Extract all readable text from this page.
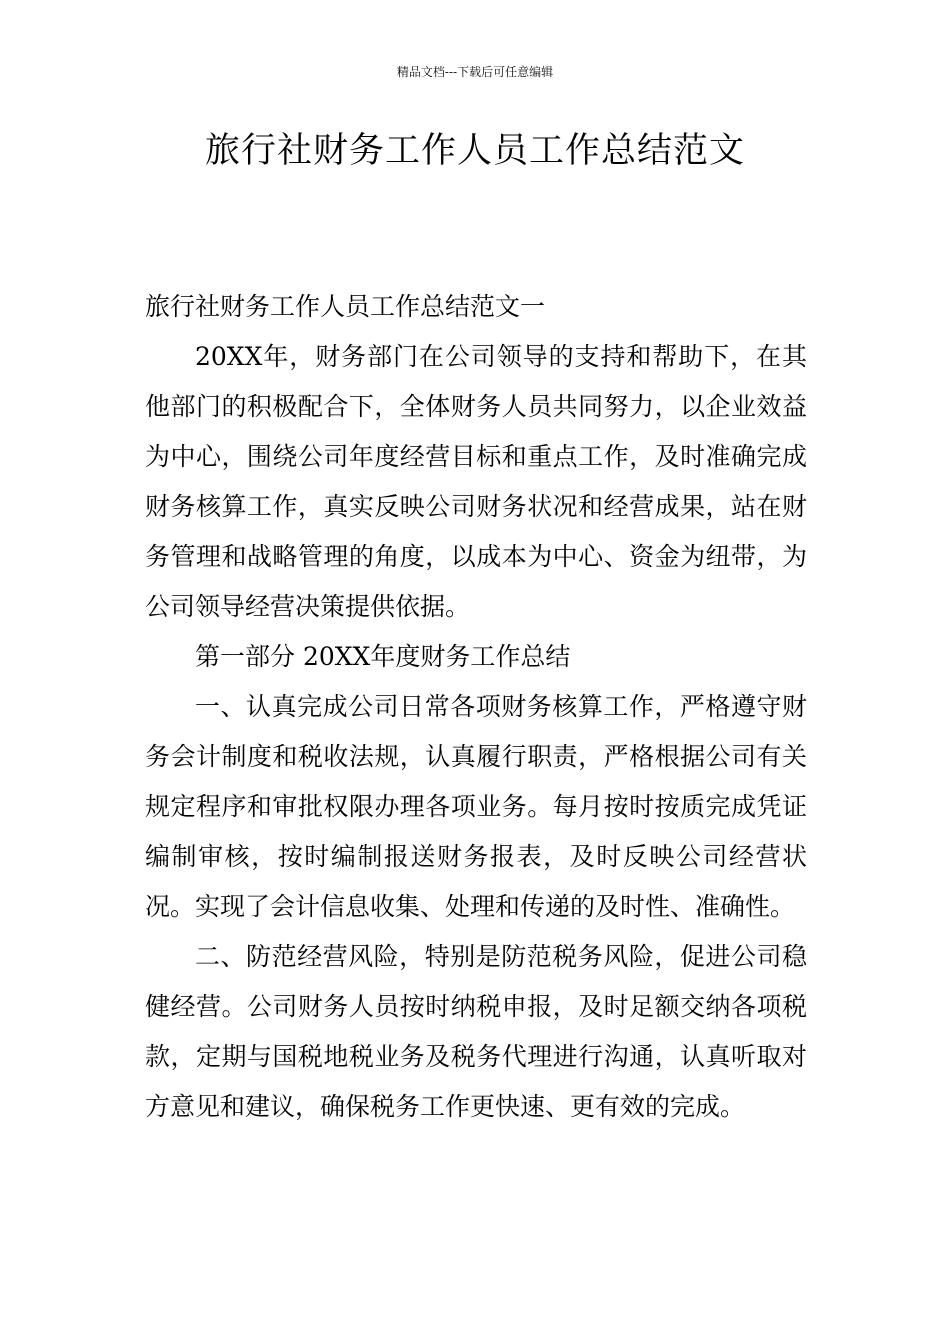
精品文档---下载后可任意编辑
旅行社财务工作人员工作总结范文

旅行社财务工作人员工作总结范文一

20XX年，财务部门在公司领导的支持和帮助下，在其他部门的积极配合下，全体财务人员共同努力，以企业效益为中心，围绕公司年度经营目标和重点工作，及时准确完成财务核算工作，真实反映公司财务状况和经营成果，站在财务管理和战略管理的角度，以成本为中心、资金为纽带，为公司领导经营决策提供依据。

第一部分 20XX年度财务工作总结

一、认真完成公司日常各项财务核算工作，严格遵守财务会计制度和税收法规，认真履行职责，严格根据公司有关规定程序和审批权限办理各项业务。每月按时按质完成凭证编制审核，按时编制报送财务报表，及时反映公司经营状况。实现了会计信息收集、处理和传递的及时性、准确性。

二、防范经营风险，特别是防范税务风险，促进公司稳健经营。公司财务人员按时纳税申报，及时足额交纳各项税款，定期与国税地税业务及税务代理进行沟通，认真听取对方意见和建议，确保税务工作更快速、更有效的完成。
